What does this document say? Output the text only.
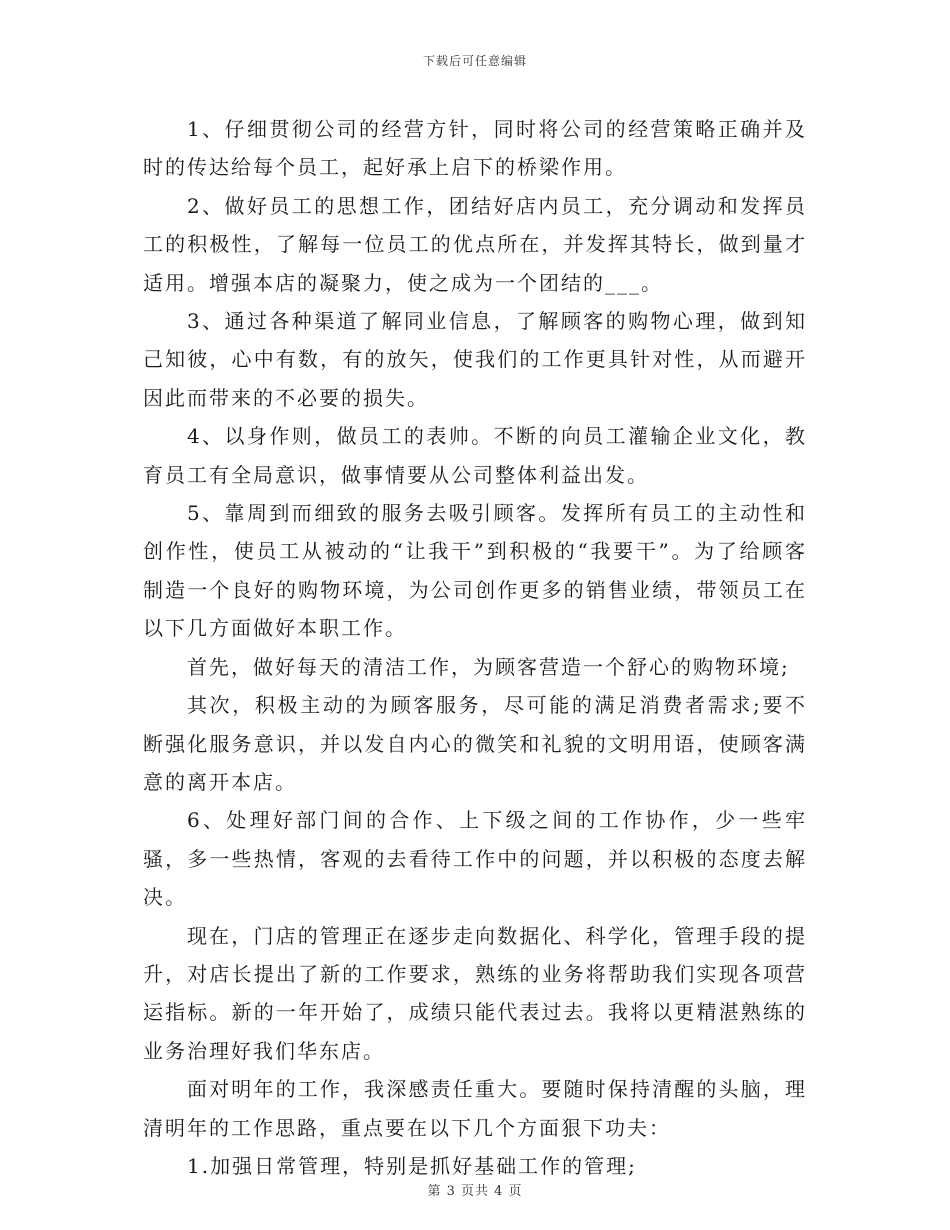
下载后可任意编辑

1、仔细贯彻公司的经营方针，同时将公司的经营策略正确并及时的传达给每个员工，起好承上启下的桥梁作用。

2、做好员工的思想工作，团结好店内员工，充分调动和发挥员工的积极性，了解每一位员工的优点所在，并发挥其特长，做到量才适用。增强本店的凝聚力，使之成为一个团结的___。

3、通过各种渠道了解同业信息，了解顾客的购物心理，做到知己知彼，心中有数，有的放矢，使我们的工作更具针对性，从而避开因此而带来的不必要的损失。

4、以身作则，做员工的表帅。不断的向员工灌输企业文化，教育员工有全局意识，做事情要从公司整体利益出发。

5、靠周到而细致的服务去吸引顾客。发挥所有员工的主动性和创作性，使员工从被动的“让我干”到积极的“我要干”。为了给顾客制造一个良好的购物环境，为公司创作更多的销售业绩，带领员工在以下几方面做好本职工作。

首先，做好每天的清洁工作，为顾客营造一个舒心的购物环境;

其次，积极主动的为顾客服务，尽可能的满足消费者需求;要不断强化服务意识，并以发自内心的微笑和礼貌的文明用语，使顾客满意的离开本店。

6、处理好部门间的合作、上下级之间的工作协作，少一些牢骚，多一些热情，客观的去看待工作中的问题，并以积极的态度去解决。

现在，门店的管理正在逐步走向数据化、科学化，管理手段的提升，对店长提出了新的工作要求，熟练的业务将帮助我们实现各项营运指标。新的一年开始了，成绩只能代表过去。我将以更精湛熟练的业务治理好我们华东店。

面对明年的工作，我深感责任重大。要随时保持清醒的头脑，理清明年的工作思路，重点要在以下几个方面狠下功夫：

1.加强日常管理，特别是抓好基础工作的管理;

第 3 页共 4 页
